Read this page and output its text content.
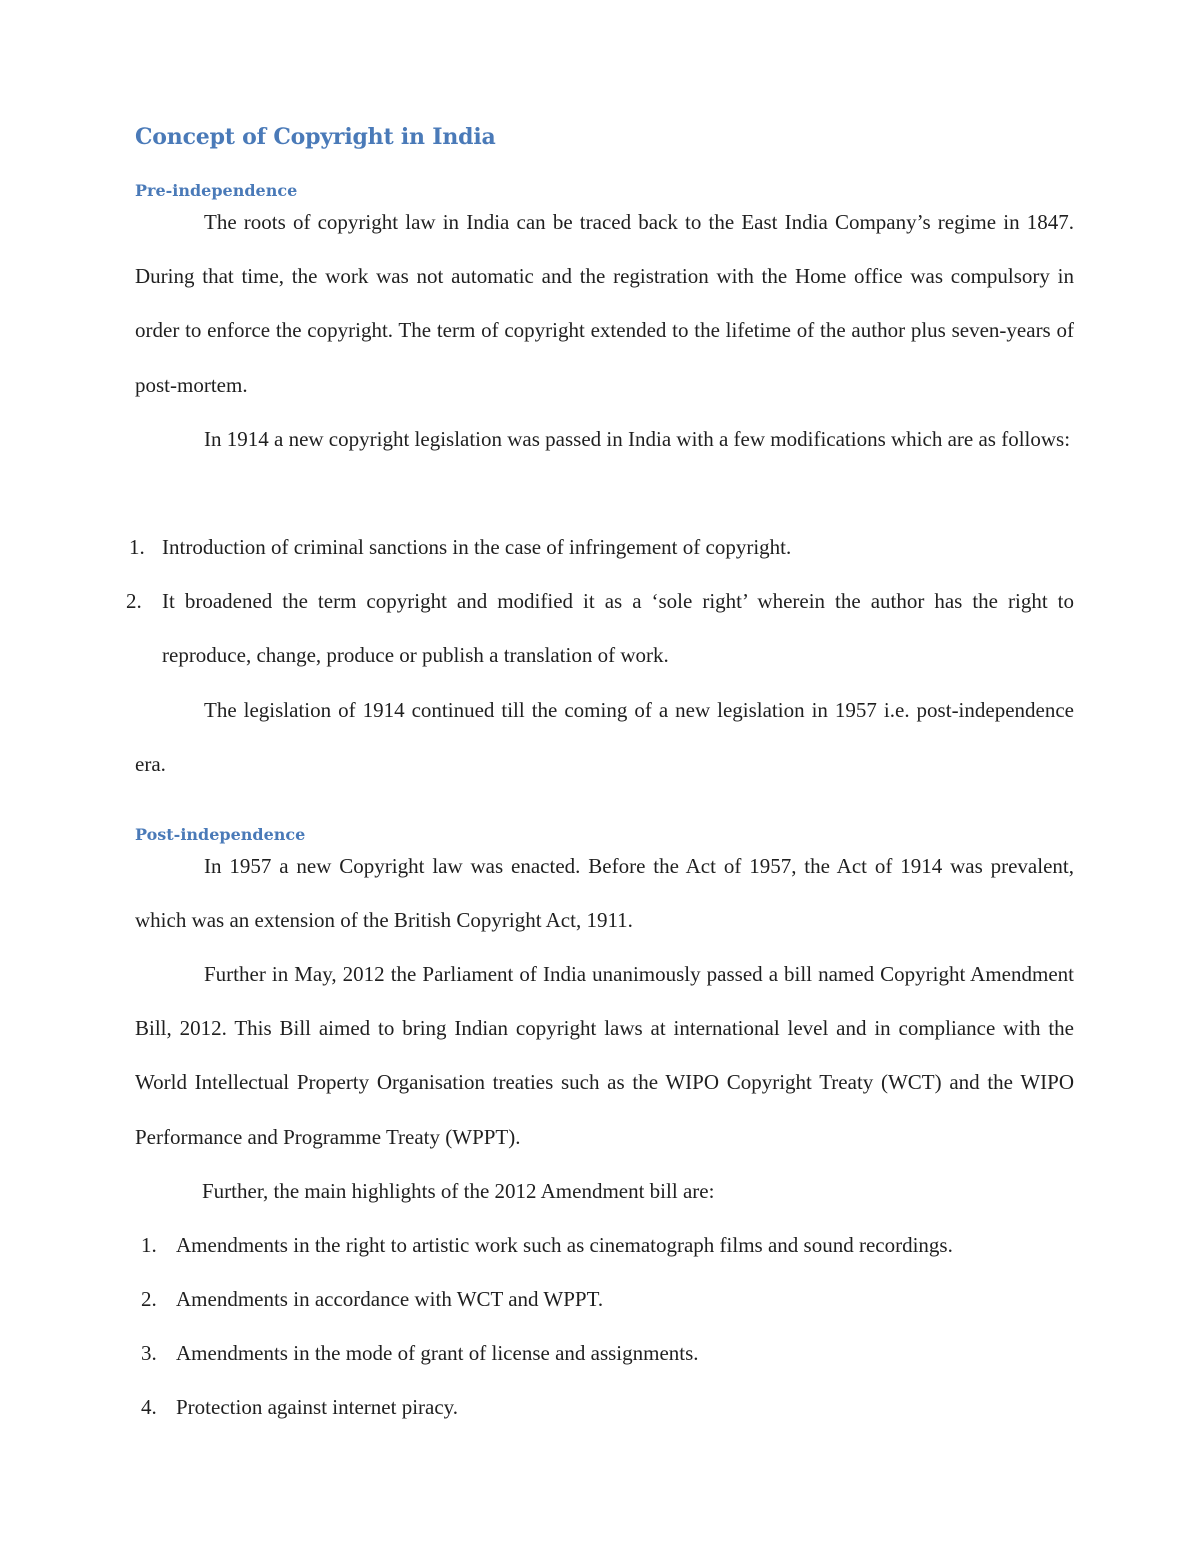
Concept of Copyright in India
Pre-independence

The roots of copyright law in India can be traced back to the East India Company’s regime in 1847. During that time, the work was not automatic and the registration with the Home office was compulsory in order to enforce the copyright. The term of copyright extended to the lifetime of the author plus seven-years of post-mortem.

In 1914 a new copyright legislation was passed in India with a few modifications which are as follows:

1. Introduction of criminal sanctions in the case of infringement of copyright.

2. It broadened the term copyright and modified it as a ‘sole right’ wherein the author has the right to reproduce, change, produce or publish a translation of work.

The legislation of 1914 continued till the coming of a new legislation in 1957 i.e. post-independence era.

Post-independence

In 1957 a new Copyright law was enacted. Before the Act of 1957, the Act of 1914 was prevalent, which was an extension of the British Copyright Act, 1911.

Further in May, 2012 the Parliament of India unanimously passed a bill named Copyright Amendment Bill, 2012. This Bill aimed to bring Indian copyright laws at international level and in compliance with the World Intellectual Property Organisation treaties such as the WIPO Copyright Treaty (WCT) and the WIPO Performance and Programme Treaty (WPPT).

Further, the main highlights of the 2012 Amendment bill are:

1. Amendments in the right to artistic work such as cinematograph films and sound recordings.

2. Amendments in accordance with WCT and WPPT.

3. Amendments in the mode of grant of license and assignments.

4. Protection against internet piracy.
